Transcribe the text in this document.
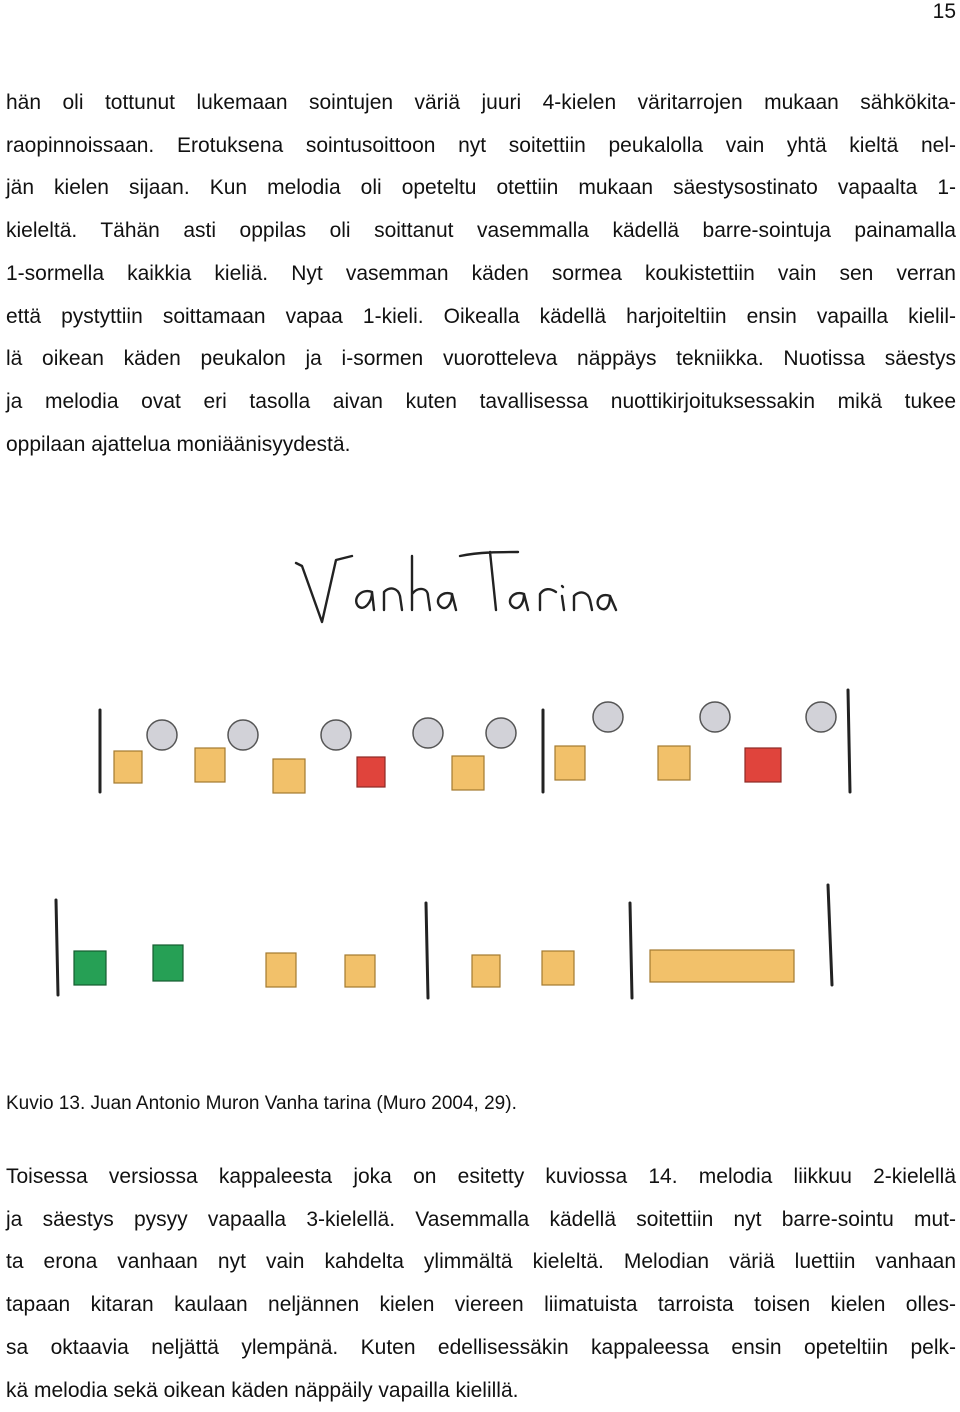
15

hän oli tottunut lukemaan sointujen väriä juuri 4-kielen väritarrojen mukaan sähkökita-
raopinnoissaan. Erotuksena sointusoittoon nyt soitettiin peukalolla vain yhtä kieltä nel-
jän kielen sijaan. Kun melodia oli opeteltu otettiin mukaan säestysostinato vapaalta 1-
kieleltä. Tähän asti oppilas oli soittanut vasemmalla kädellä barre-sointuja painamalla
1-sormella kaikkia kieliä. Nyt vasemman käden sormea koukistettiin vain sen verran
että pystyttiin soittamaan vapaa 1-kieli. Oikealla kädellä harjoiteltiin ensin vapailla kielil-
lä oikean käden peukalon ja i-sormen vuorotteleva näppäys tekniikka. Nuotissa säestys
ja melodia ovat eri tasolla aivan kuten tavallisessa nuottikirjoituksessakin mikä tukee
oppilaan ajattelua moniäänisyydestä.

Kuvio 13. Juan Antonio Muron Vanha tarina (Muro 2004, 29).

Toisessa versiossa kappaleesta joka on esitetty kuviossa 14. melodia liikkuu 2-kielellä
ja säestys pysyy vapaalla 3-kielellä. Vasemmalla kädellä soitettiin nyt barre-sointu mut-
ta erona vanhaan nyt vain kahdelta ylimmältä kieleltä. Melodian väriä luettiin vanhaan
tapaan kitaran kaulaan neljännen kielen viereen liimatuista tarroista toisen kielen olles-
sa oktaavia neljättä ylempänä. Kuten edellisessäkin kappaleessa ensin opeteltiin pelk-
kä melodia sekä oikean käden näppäily vapailla kielillä.
